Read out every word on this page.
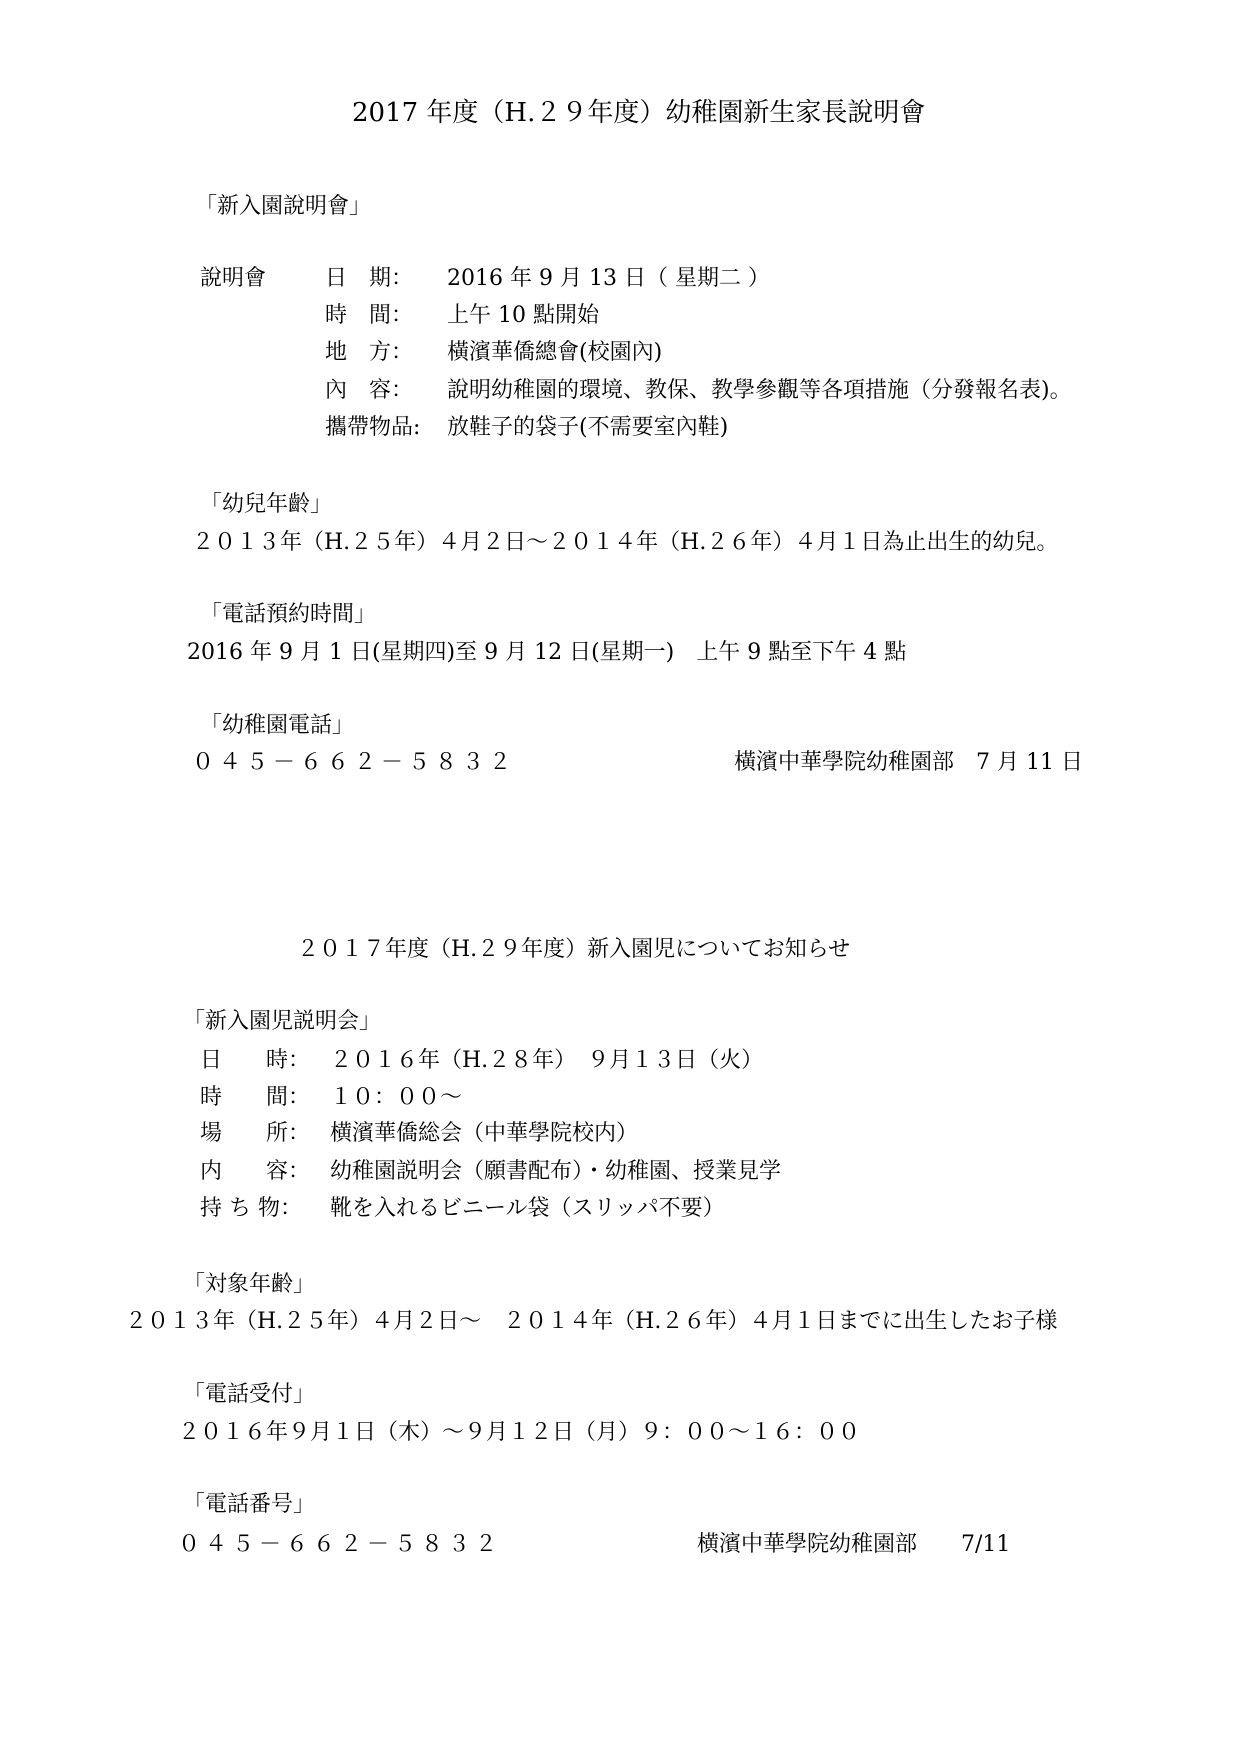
2017 年度（H.２９年度）幼稚園新生家長說明會
「新入園說明會」
說明會	日　期： 2016 年 9 月 13 日（ 星期二 ）
時　間： 上午 10 點開始
地　方： 橫濱華僑總會(校園內)
內　容： 說明幼稚園的環境、教保、教學參觀等各項措施（分發報名表)。
攜帶物品: 放鞋子的袋子(不需要室內鞋)
「幼兒年齡」
２０１３年（H.２５年）４月２日～２０１４年（H.２６年）４月１日為止出生的幼兒。
「電話預約時間」
2016 年 9 月 1 日(星期四)至 9 月 12 日(星期一)　上午 9 點至下午 4 點
「幼稚園電話」
０４５－６６２－５８３２	橫濱中華學院幼稚園部　7 月 11 日
２０１７年度（H.２９年度）新入園児についてお知らせ
「新入園児説明会」
日　　時： ２０１６年（H.２８年）　９月１３日（火）
時　　間： １０：００～
場　　所： 横濱華僑総会（中華學院校内）
内　　容： 幼稚園説明会（願書配布）・幼稚園、授業見学
持 ち 物： 靴を入れるビニール袋（スリッパ不要）
「対象年齢」
２０１３年（H.２５年）４月２日～　２０１４年（H.２６年）４月１日までに出生したお子様
「電話受付」
２０１６年９月１日（木）～９月１２日（月）９：００～１６：００
「電話番号」
０４５－６６２－５８３２	横濱中華學院幼稚園部　　7/11
